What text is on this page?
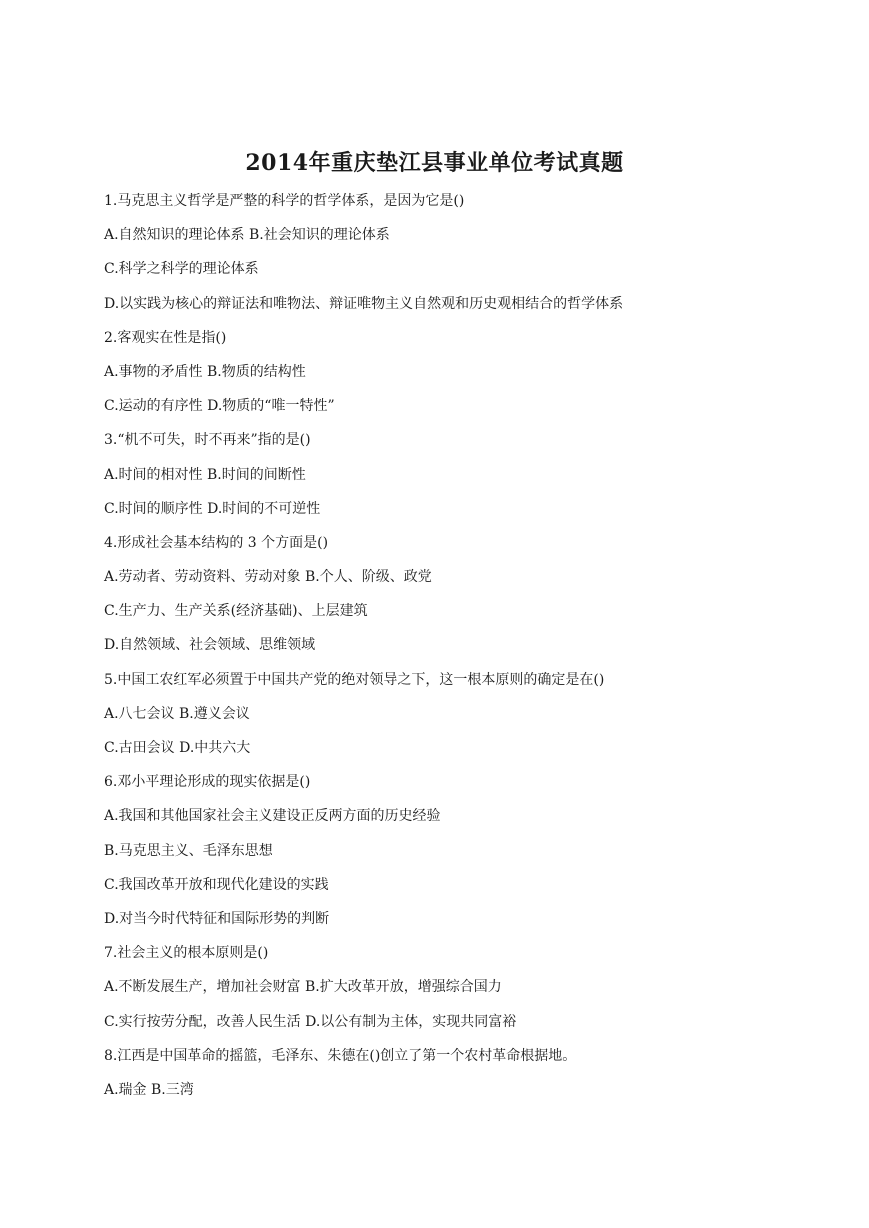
2014年重庆垫江县事业单位考试真题
1.马克思主义哲学是严整的科学的哲学体系，是因为它是()
A.自然知识的理论体系 B.社会知识的理论体系
C.科学之科学的理论体系
D.以实践为核心的辩证法和唯物法、辩证唯物主义自然观和历史观相结合的哲学体系
2.客观实在性是指()
A.事物的矛盾性 B.物质的结构性
C.运动的有序性 D.物质的“唯一特性”
3.“机不可失，时不再来”指的是()
A.时间的相对性 B.时间的间断性
C.时间的顺序性 D.时间的不可逆性
4.形成社会基本结构的 3 个方面是()
A.劳动者、劳动资料、劳动对象 B.个人、阶级、政党
C.生产力、生产关系(经济基础)、上层建筑
D.自然领域、社会领域、思维领域
5.中国工农红军必须置于中国共产党的绝对领导之下，这一根本原则的确定是在()
A.八七会议 B.遵义会议
C.古田会议 D.中共六大
6.邓小平理论形成的现实依据是()
A.我国和其他国家社会主义建设正反两方面的历史经验
B.马克思主义、毛泽东思想
C.我国改革开放和现代化建设的实践
D.对当今时代特征和国际形势的判断
7.社会主义的根本原则是()
A.不断发展生产，增加社会财富 B.扩大改革开放，增强综合国力
C.实行按劳分配，改善人民生活 D.以公有制为主体，实现共同富裕
8.江西是中国革命的摇篮，毛泽东、朱德在()创立了第一个农村革命根据地。
A.瑞金 B.三湾
